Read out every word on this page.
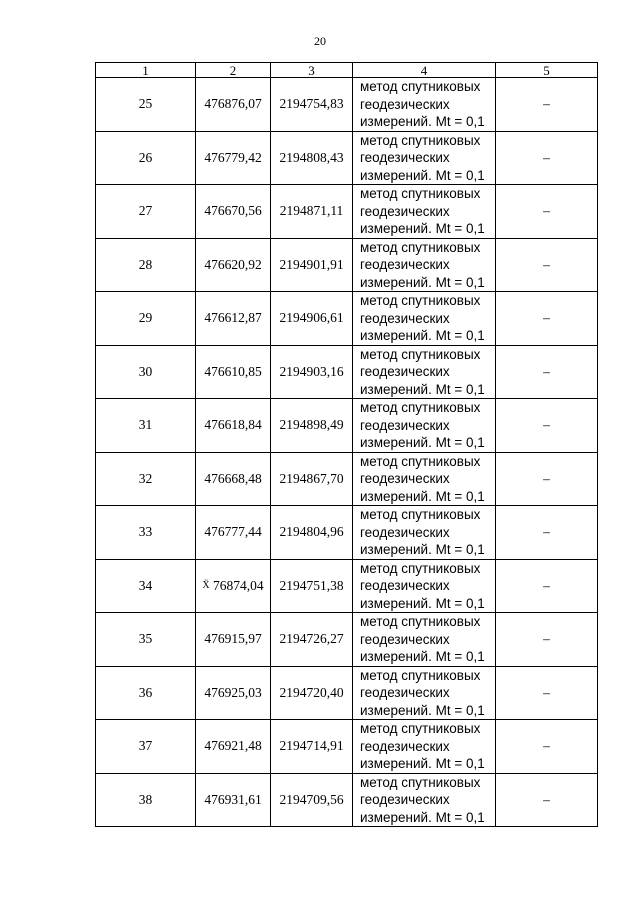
20
1	2	3	4	5
25	476876,07	2194754,83	метод спутниковых
геодезических
измерений. Mt = 0,1	–
26	476779,42	2194808,43	метод спутниковых
геодезических
измерений. Mt = 0,1	–
27	476670,56	2194871,11	метод спутниковых
геодезических
измерений. Mt = 0,1	–
28	476620,92	2194901,91	метод спутниковых
геодезических
измерений. Mt = 0,1	–
29	476612,87	2194906,61	метод спутниковых
геодезических
измерений. Mt = 0,1	–
30	476610,85	2194903,16	метод спутниковых
геодезических
измерений. Mt = 0,1	–
31	476618,84	2194898,49	метод спутниковых
геодезических
измерений. Mt = 0,1	–
32	476668,48	2194867,70	метод спутниковых
геодезических
измерений. Mt = 0,1	–
33	476777,44	2194804,96	метод спутниковых
геодезических
измерений. Mt = 0,1	–
34	$^Ẍ$ 76874,0​4	2194751,38	метод спутниковых
геодезических
измерений. Mt = 0,1	–
35	476915,97	2194726,27	метод спутниковых
геодезических
измерений. Mt = 0,1	–
36	476925,03	2194720,40	метод спутниковых
геодезических
измерений. Mt = 0,1	–
37	476921,48	2194714,91	метод спутниковых
геодезических
измерений. Mt = 0,1	–
38	476931,61	2194709,56	метод спутниковых
геодезических
измерений. Mt = 0,1	–
